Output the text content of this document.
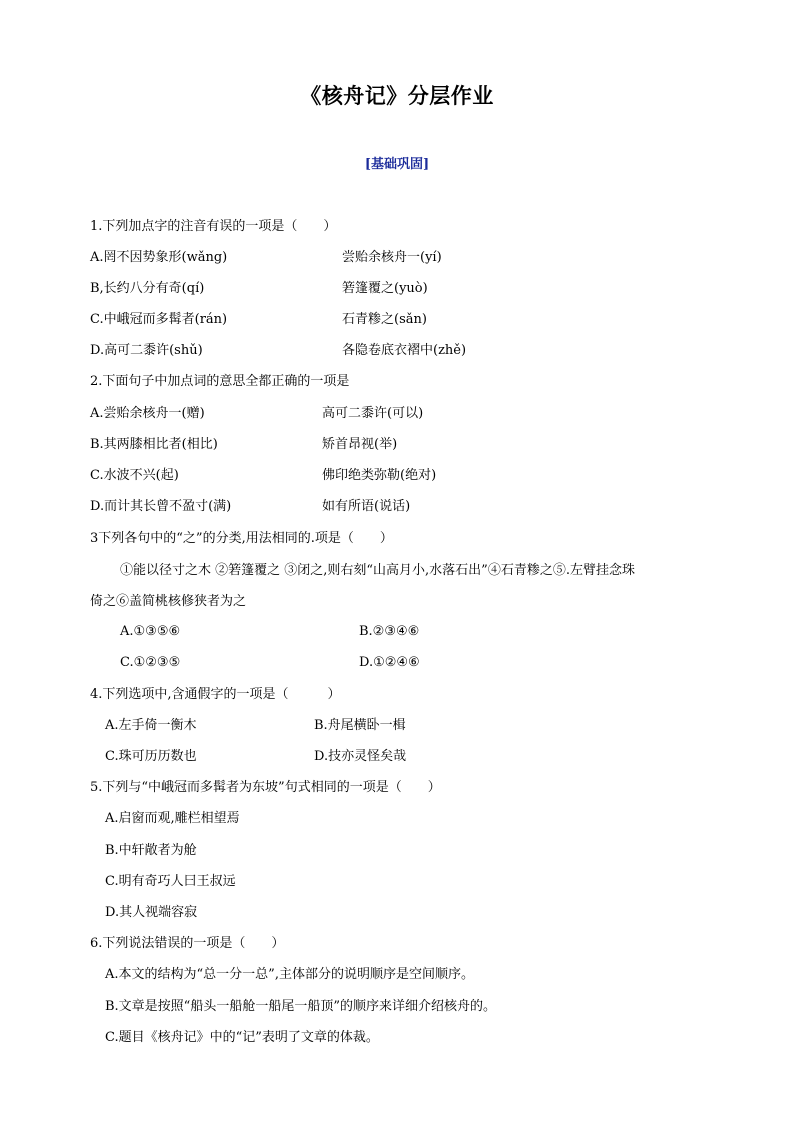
《核舟记》分层作业
[基础巩固]
1.下列加点字的注音有误的一项是（　　）
A.罔不因势象形(wǎng)	尝贻余核舟一(yí)
B,长约八分有奇(qí)	箬篷覆之(yuò)
C.中峨冠而多髯者(rán)	石青糁之(sǎn)
D.高可二黍许(shǔ)	各隐卷底衣褶中(zhě)
2.下面句子中加点词的意思全都正确的一项是
A.尝贻余核舟一(赠)	高可二黍许(可以)
B.其两膝相比者(相比)	矫首昂视(举)
C.水波不兴(起)	佛印绝类弥勒(绝对)
D.而计其长曾不盈寸(满)	如有所语(说话)
3下列各句中的“之”的分类,用法相同的.项是（　　）
①能以径寸之木 ②箬篷覆之 ③闭之,则右刻“山高月小,水落石出”④石青糁之⑤.左臂挂念珠
倚之⑥盖简桃核修狭者为之
A.①③⑤⑥	B.②③④⑥
C.①②③⑤	D.①②④⑥
4.下列选项中,含通假字的一项是（　　　）
A.左手倚一衡木	B.舟尾横卧一楫
C.珠可历历数也	D.技亦灵怪矣哉
5.下列与“中峨冠而多髯者为东坡”句式相同的一项是（　　）
A.启窗而观,雕栏相望焉
B.中轩敞者为舱
C.明有奇巧人曰王叔远
D.其人视端容寂
6.下列说法错误的一项是（　　）
A.本文的结构为“总一分一总”,主体部分的说明顺序是空间顺序。
B.文章是按照“船头一船舱一船尾一船顶”的顺序来详细介绍核舟的。
C.题目《核舟记》中的“记”表明了文章的体裁。
